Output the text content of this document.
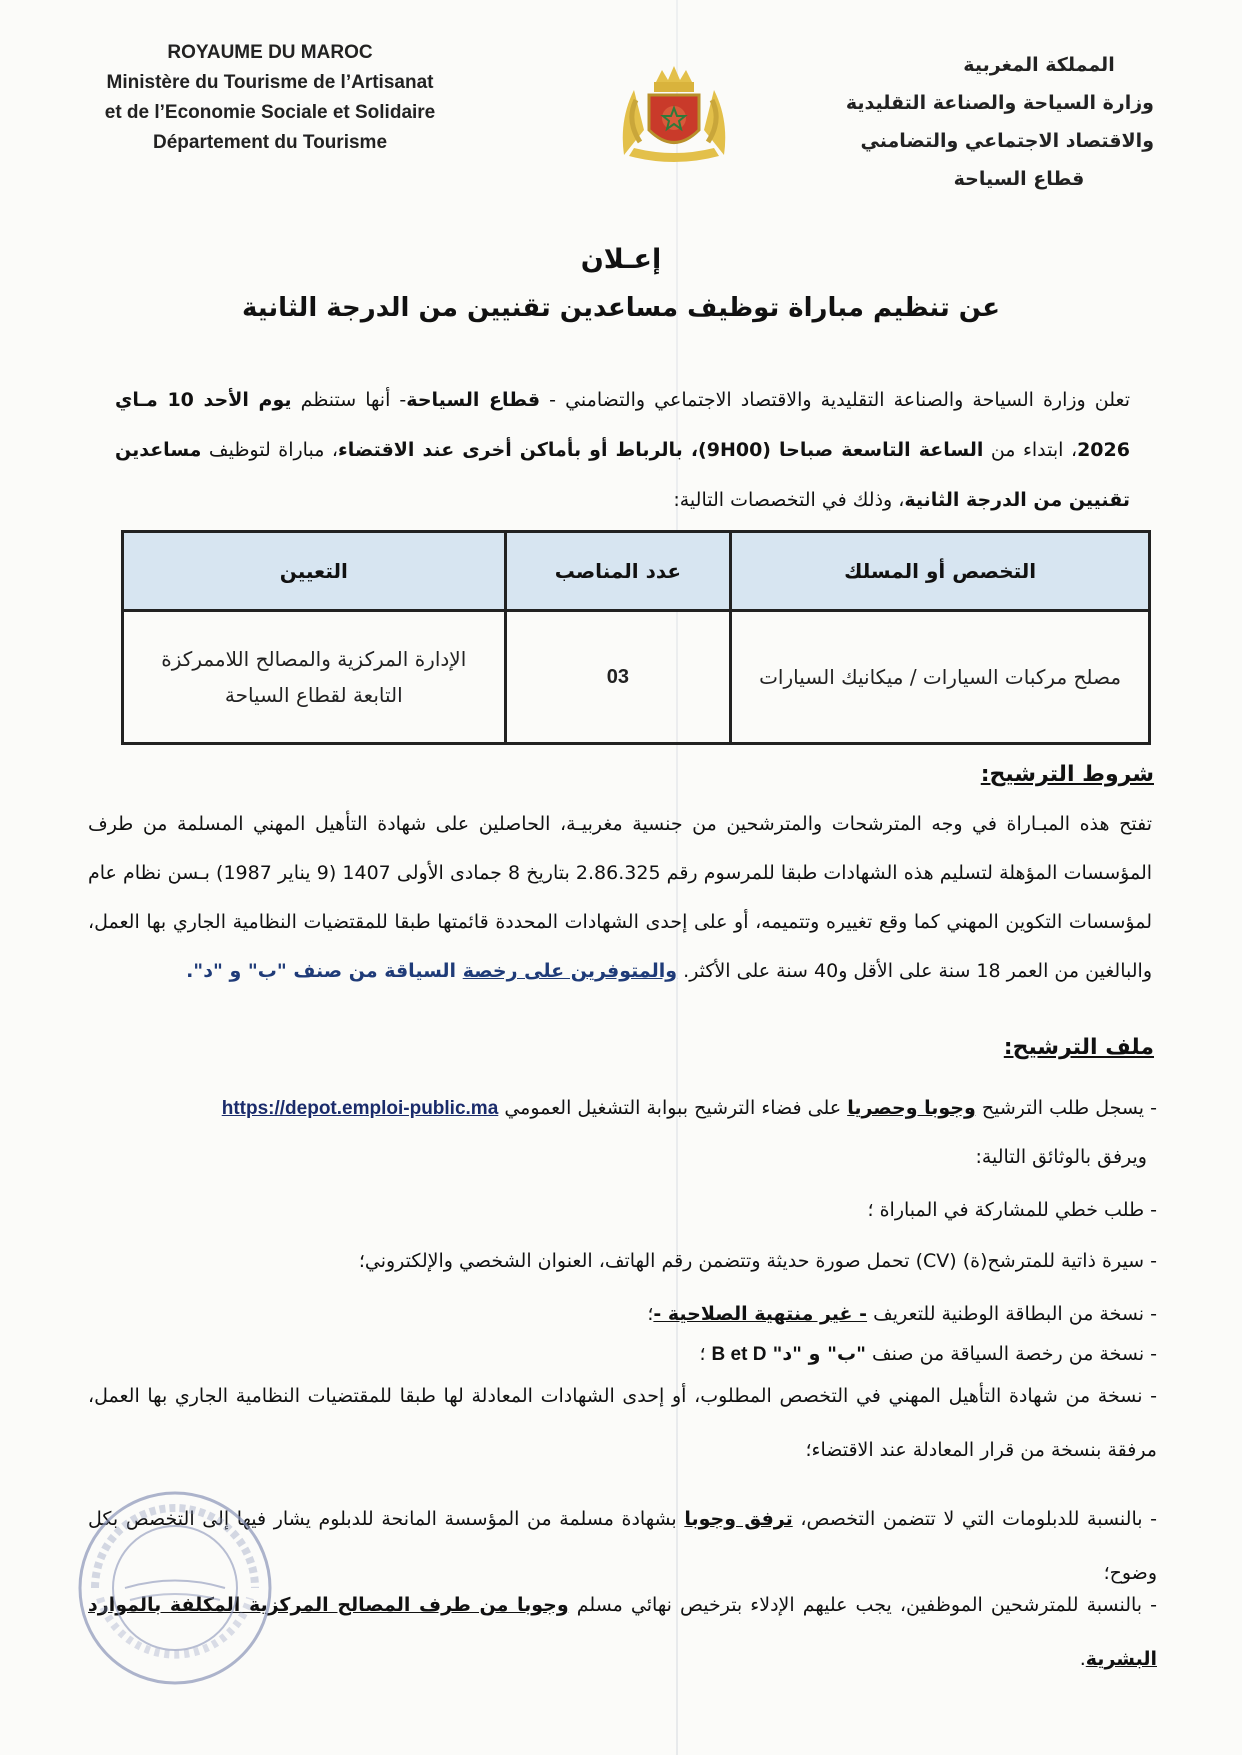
ROYAUME DU MAROC
Ministère du Tourisme de l’Artisanat
et de l’Economie Sociale et Solidaire
Département du Tourisme
المملكة المغربية
وزارة السياحة والصناعة التقليدية
والاقتصاد الاجتماعي والتضامني
قطاع السياحة
إعـلان
عن تنظيم مباراة توظيف مساعدين تقنيين من الدرجة الثانية
تعلن وزارة السياحة والصناعة التقليدية والاقتصاد الاجتماعي والتضامني - قطاع السياحة- أنها ستنظم يوم الأحد 10 مـاي 2026، ابتداء من الساعة التاسعة صباحا (9H00)، بالرباط أو بأماكن أخرى عند الاقتضاء، مباراة لتوظيف مساعدين تقنيين من الدرجة الثانية، وذلك في التخصصات التالية:
التخصص أو المسلك	عدد المناصب	التعيين
مصلح مركبات السيارات / ميكانيك السيارات	03	الإدارة المركزية والمصالح اللاممركزة التابعة لقطاع السياحة
شروط الترشيح:
تفتح هذه المبـاراة في وجه المترشحات والمترشحين من جنسية مغربيـة، الحاصلين على شهادة التأهيل المهني المسلمة من طرف المؤسسات المؤهلة لتسليم هذه الشهادات طبقا للمرسوم رقم 2.86.325 بتاريخ 8 جمادى الأولى 1407 (9 يناير 1987) بـسن نظام عام لمؤسسات التكوين المهني كما وقع تغييره وتتميمه، أو على إحدى الشهادات المحددة قائمتها طبقا للمقتضيات النظامية الجاري بها العمل، والبالغين من العمر 18 سنة على الأقل و40 سنة على الأكثر. والمتوفرين على رخصة السياقة من صنف "ب" و "د".
ملف الترشيح:
- يسجل طلب الترشيح وجوبا وحصريا على فضاء الترشيح ببوابة التشغيل العمومي https://depot.emploi-public.ma
ويرفق بالوثائق التالية:
- طلب خطي للمشاركة في المباراة ؛
- سيرة ذاتية للمترشح(ة) (CV) تحمل صورة حديثة وتتضمن رقم الهاتف، العنوان الشخصي والإلكتروني؛
- نسخة من البطاقة الوطنية للتعريف - غير منتهية الصلاحية -؛
- نسخة من رخصة السياقة من صنف "ب" و "د" B et D ؛
- نسخة من شهادة التأهيل المهني في التخصص المطلوب، أو إحدى الشهادات المعادلة لها طبقا للمقتضيات النظامية الجاري بها العمل، مرفقة بنسخة من قرار المعادلة عند الاقتضاء؛
- بالنسبة للدبلومات التي لا تتضمن التخصص، ترفق وجوبا بشهادة مسلمة من المؤسسة المانحة للدبلوم يشار فيها إلى التخصص بكل وضوح؛
- بالنسبة للمترشحين الموظفين، يجب عليهم الإدلاء بترخيص نهائي مسلم وجوبا من طرف المصالح المركزية المكلفة بالموارد البشرية.
